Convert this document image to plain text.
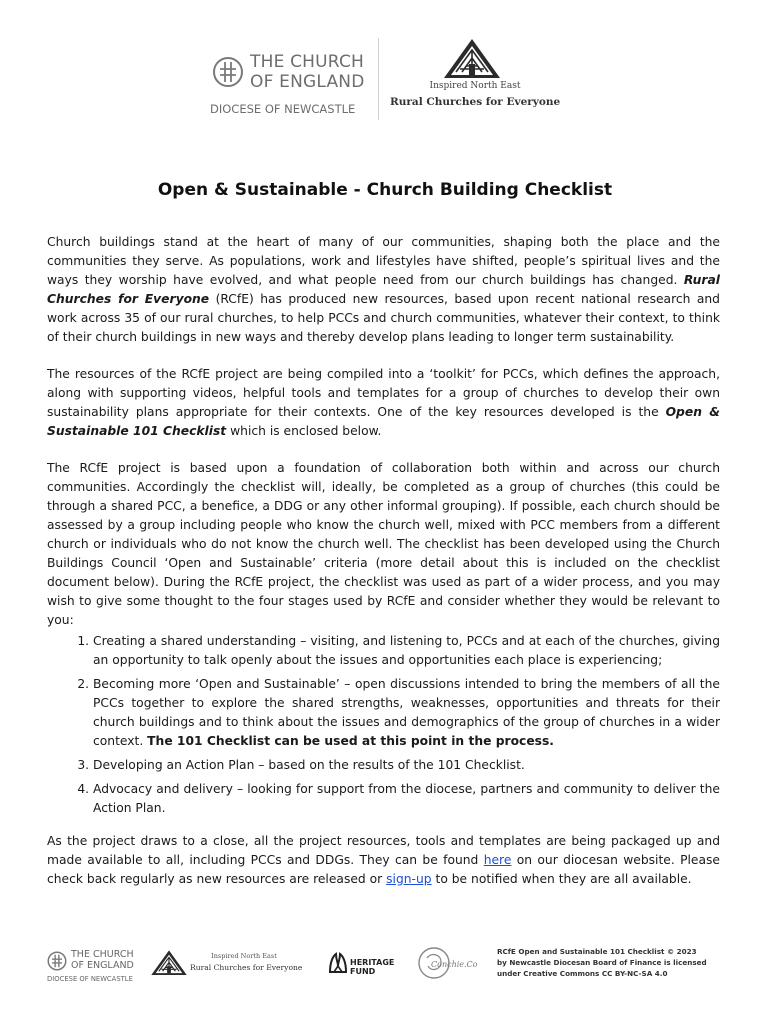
THE CHURCH
OF ENGLAND
DIOCESE OF NEWCASTLE
Inspired North East
Rural Churches for Everyone
Open & Sustainable - Church Building Checklist

Church buildings stand at the heart of many of our communities, shaping both the place and the communities they serve. As populations, work and lifestyles have shifted, people’s spiritual lives and the ways they worship have evolved, and what people need from our church buildings has changed. Rural Churches for Everyone (RCfE) has produced new resources, based upon recent national research and work across 35 of our rural churches, to help PCCs and church communities, whatever their context, to think of their church buildings in new ways and thereby develop plans leading to longer term sustainability.

The resources of the RCfE project are being compiled into a ‘toolkit’ for PCCs, which defines the approach, along with supporting videos, helpful tools and templates for a group of churches to develop their own sustainability plans appropriate for their contexts. One of the key resources developed is the Open & Sustainable 101 Checklist which is enclosed below.

The RCfE project is based upon a foundation of collaboration both within and across our church communities. Accordingly the checklist will, ideally, be completed as a group of churches (this could be through a shared PCC, a benefice, a DDG or any other informal grouping). If possible, each church should be assessed by a group including people who know the church well, mixed with PCC members from a different church or individuals who do not know the church well. The checklist has been developed using the Church Buildings Council ‘Open and Sustainable’ criteria (more detail about this is included on the checklist document below). During the RCfE project, the checklist was used as part of a wider process, and you may wish to give some thought to the four stages used by RCfE and consider whether they would be relevant to you:

1. Creating a shared understanding – visiting, and listening to, PCCs and at each of the churches, giving an opportunity to talk openly about the issues and opportunities each place is experiencing;
2. Becoming more ‘Open and Sustainable’ – open discussions intended to bring the members of all the PCCs together to explore the shared strengths, weaknesses, opportunities and threats for their church buildings and to think about the issues and demographics of the group of churches in a wider context. The 101 Checklist can be used at this point in the process.
3. Developing an Action Plan – based on the results of the 101 Checklist.
4. Advocacy and delivery – looking for support from the diocese, partners and community to deliver the Action Plan.

As the project draws to a close, all the project resources, tools and templates are being packaged up and made available to all, including PCCs and DDGs. They can be found here on our diocesan website. Please check back regularly as new resources are released or sign-up to be notified when they are all available.

THE CHURCH
OF ENGLAND
DIOCESE OF NEWCASTLE
Inspired North East
Rural Churches for Everyone
HERITAGE
FUND
Conchie.Co
RCfE Open and Sustainable 101 Checklist © 2023
by Newcastle Diocesan Board of Finance is licensed
under Creative Commons CC BY-NC-SA 4.0
